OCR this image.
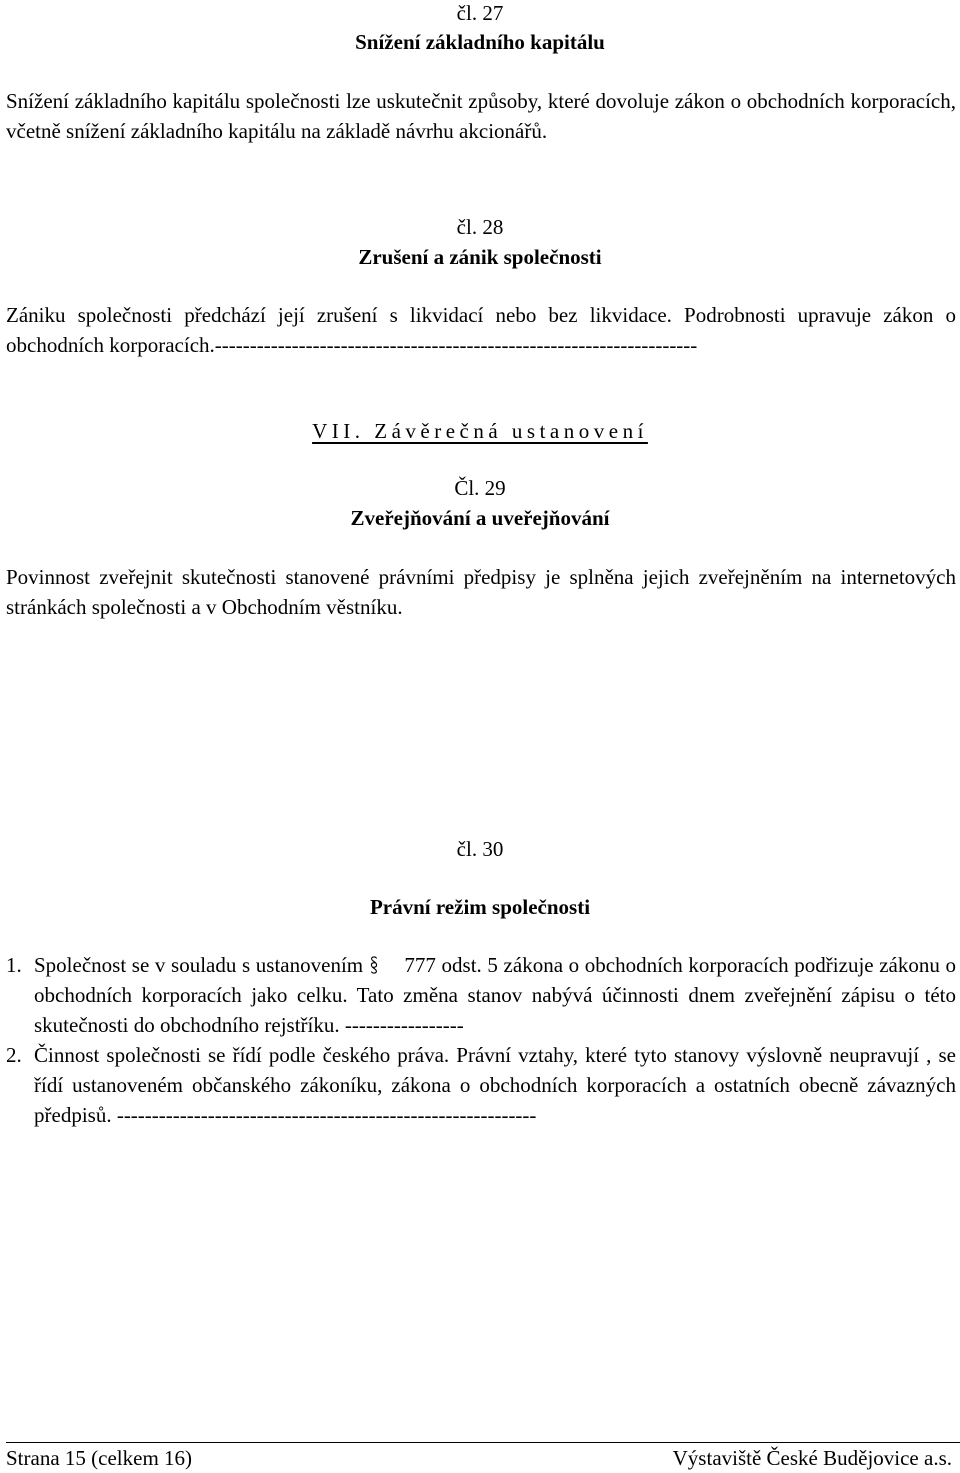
čl. 27
Snížení základního kapitálu
Snížení základního kapitálu společnosti lze uskutečnit způsoby, které dovoluje zákon o obchodních korporacích, včetně snížení základního kapitálu na základě návrhu akcionářů.
čl. 28
Zrušení a zánik společnosti
Zániku společnosti předchází její zrušení s likvidací nebo bez likvidace. Podrobnosti upravuje zákon o obchodních korporacích.---------------------------------------------------------------------
VII. Závěrečná ustanovení
Čl. 29
Zveřejňování a uveřejňování
Povinnost zveřejnit skutečnosti stanovené právními předpisy je splněna jejich zveřejněním na internetových stránkách společnosti a v Obchodním věstníku.
čl. 30
Právní režim společnosti
1. Společnost se v souladu s ustanovením 777 odst. 5 zákona o obchodních korporacích podřizuje zákonu o obchodních korporacích jako celku. Tato změna stanov nabývá účinnosti dnem zveřejnění zápisu o této skutečnosti do obchodního rejstříku. -----------------
2. Činnost společnosti se řídí podle českého práva. Právní vztahy, které tyto stanovy výslovně neupravují , se řídí ustanoveném občanského zákoníku, zákona o obchodních korporacích a ostatních obecně závazných předpisů. ------------------------------------------------------------
Strana 15 (celkem 16)	Výstaviště České Budějovice a.s.
